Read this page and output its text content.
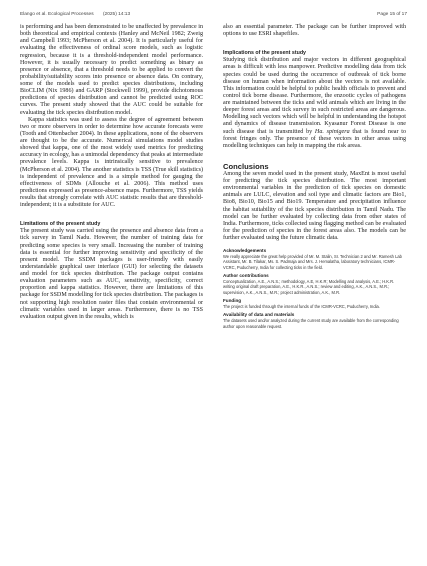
Elango et al. Ecological Processes (2025) 14:13	Page 15 of 17

is performing and has been demonstrated to be unaffected by prevalence in both theoretical and empirical contexts (Hanley and McNeil 1982; Zweig and Campbell 1993; McPherson et al. 2004). It is particularly useful for evaluating the effectiveness of ordinal score models, such as logistic regression, because it is a threshold-independent model performance. However, it is usually necessary to predict something as binary as presence or absence, that a threshold needs to be applied to convert the probability/suitability scores into presence or absence data. On contrary, some of the models used to predict species distributions, including BioCLIM (Nix 1986) and GARP (Stockwell 1999), provide dichotomous predictions of species distribution and cannot be predicted using ROC curves. The present study showed that the AUC could be suitable for evaluating the tick species distribution model.

Kappa statistics was used to assess the degree of agreement between two or more observers in order to determine how accurate forecasts were (Tooth and Ottenbacher 2004). In these applications, none of the observers are thought to be the accurate. Numerical simulations model studies showed that kappa, one of the most widely used metrics for predicting accuracy in ecology, has a unimodal dependency that peaks at intermediate prevalence levels. Kappa is intrinsically sensitive to prevalence (McPherson et al. 2004). The another statistics is TSS (True skill statistics) is independent of prevalence and is a simple method for gauging the effectiveness of SDMs (Allouche et al. 2006). This method uses predictions expressed as presence-absence maps. Furthermore, TSS yields results that strongly correlate with AUC statistic results that are threshold-independent; it is a substitute for AUC.

Limitations of the present study

The present study was carried using the presence and absence data from a tick survey in Tamil Nadu. However, the number of training data for predicting some species is very small. Increasing the number of training data is essential for further improving sensitivity and specificity of the present model. The SSDM packages is user-friendly with easily understandable graphical user interface (GUI) for selecting the datasets and model for tick species distribution. The package output contains evaluation parameters such as AUC, sensitivity, specificity, correct proportion and kappa statistics. However, there are limitations of this package for SSDM modelling for tick species distribution. The packages is not supporting high resolution raster files that contain environmental or climatic variables used in larger areas. Furthermore, there is no TSS evaluation output given in the results, which is

also an essential parameter. The package can be further improved with options to use ESRI shapefiles.

Implications of the present study

Studying tick distribution and major vectors in different geographical areas is difficult with less manpower. Predictive modelling data from tick species could be used during the occurrence of outbreak of tick borne disease on human when information about the vectors is not available. This information could be helpful to public health officials to prevent and control tick borne disease. Furthermore, the enzootic cycles of pathogens are maintained between the ticks and wild animals which are living in the deeper forest areas and tick survey in such restricted areas are dangerous. Modelling such vectors which will be helpful in understanding the hotspot and dynamics of disease transmission. Kyasanur Forest Disease is one such disease that is transmitted by Ha. spinigera that is found near to forest fringes only. The presence of these vectors in other areas using modelling techniques can help in mapping the risk areas.

Conclusions

Among the seven model used in the present study, MaxEnt is most useful for predicting the tick species distribution. The most important environmental variables in the prediction of tick species on domestic animals are LULC, elevation and soil type and climatic factors are Bio1, Bio8, Bio10, Bio15 and Bio19. Temperature and precipitation influence the habitat suitability of the tick species distribution in Tamil Nadu. The model can be further evaluated by collecting data from other states of India. Furthermore, ticks collected using flagging method can be evaluated for the prediction of species in the forest areas also. The models can be further evaluated using the future climatic data.

Acknowledgements

We really appreciate the great help provided of Mr. M. Stalin, Sr. Technician 2 and Mr. Ramesh Lab Assistant, Mr. B. Tilakar, Ms. S. Padmaja and Mrs. J. Hemalatha, laboratory technicians, ICMR-VCRC, Puducherry, India for collecting ticks in the field.

Author contributions

Conceptualization, A.E., A.N.S.; methodology, A.E, H.K.R; Modelling and analysis, A.E.; H.K.R. writing original draft preparation, A.E., H.K.R., A.N.S.; review and editing, A.K., A.N.S., M.R.; supervision, A.K., A.N.S., M.R.; project administration, A.K., M.R.

Funding

The project is funded through the internal funds of the ICMR-VCRC, Puducherry, India.

Availability of data and materials

The datasets used and/or analyzed during the current study are available from the corresponding author upon reasonable request.
